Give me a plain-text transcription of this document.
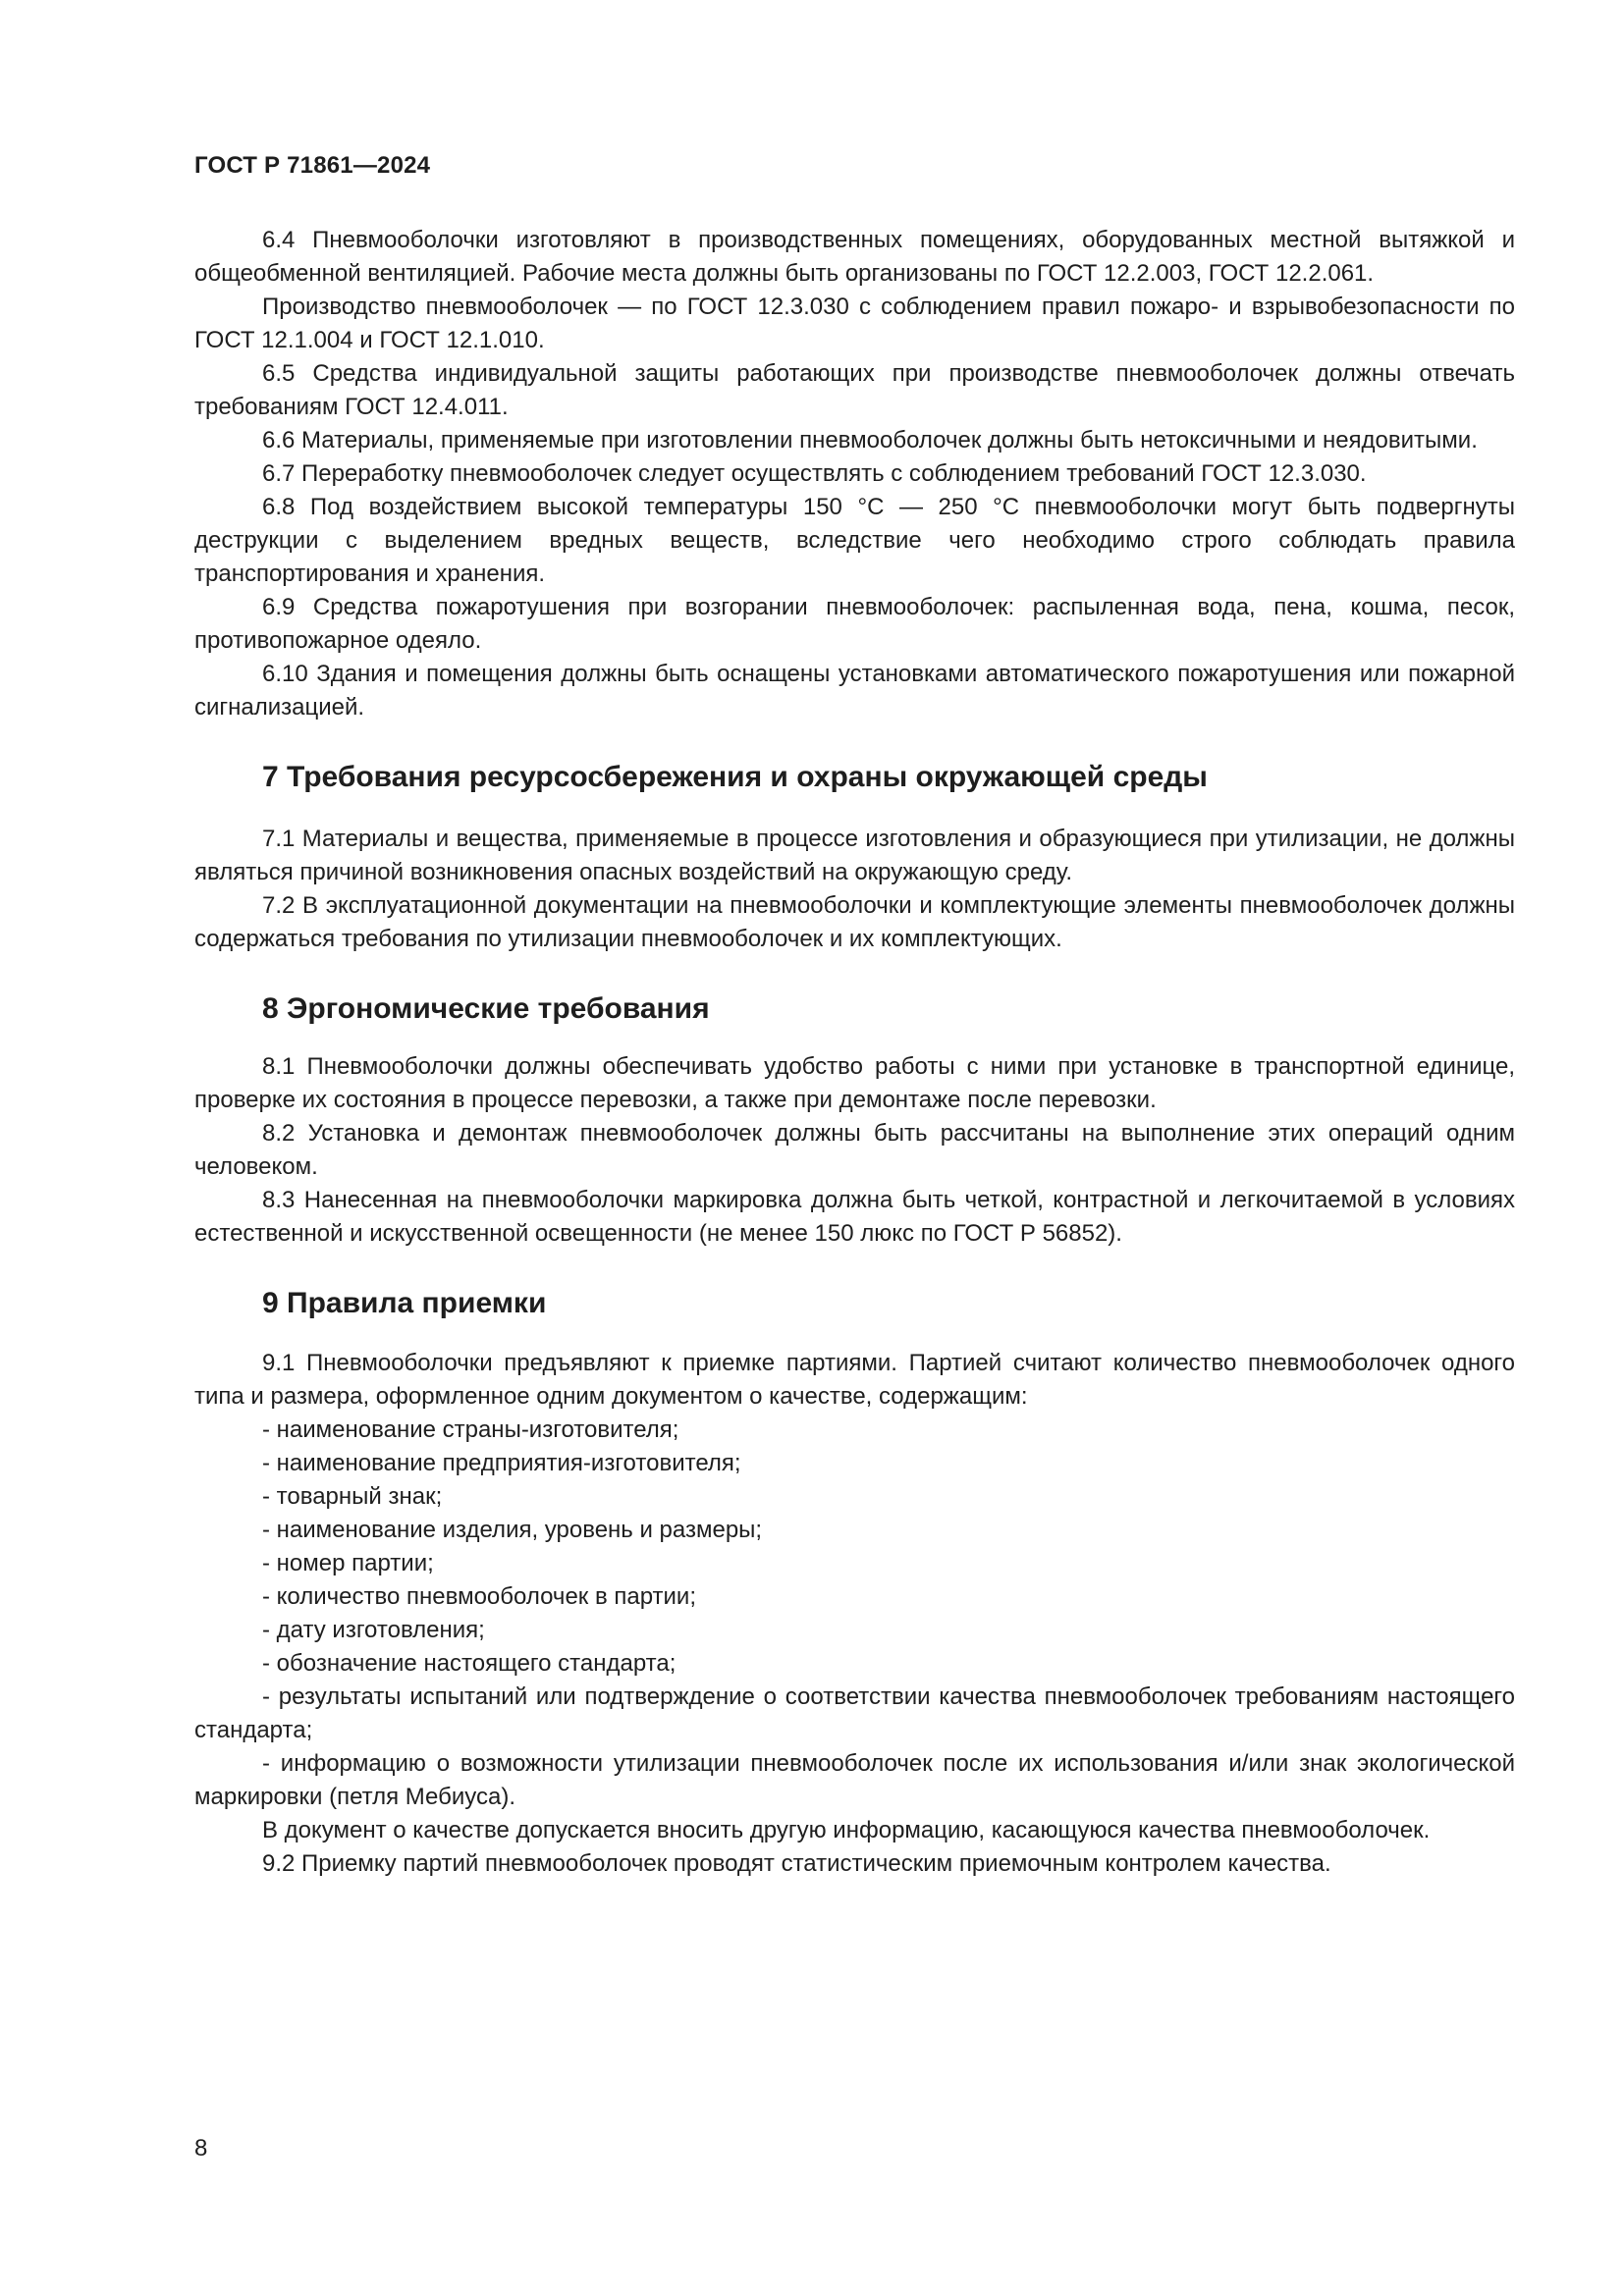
ГОСТ Р 71861—2024

6.4 Пневмооболочки изготовляют в производственных помещениях, оборудованных местной вытяжкой и общеобменной вентиляцией. Рабочие места должны быть организованы по ГОСТ 12.2.003, ГОСТ 12.2.061.

Производство пневмооболочек — по ГОСТ 12.3.030 с соблюдением правил пожаро- и взрывобезопасности по ГОСТ 12.1.004 и ГОСТ 12.1.010.

6.5 Средства индивидуальной защиты работающих при производстве пневмооболочек должны отвечать требованиям ГОСТ 12.4.011.

6.6 Материалы, применяемые при изготовлении пневмооболочек должны быть нетоксичными и неядовитыми.

6.7 Переработку пневмооболочек следует осуществлять с соблюдением требований ГОСТ 12.3.030.

6.8 Под воздействием высокой температуры 150 °С — 250 °С пневмооболочки могут быть подвергнуты деструкции с выделением вредных веществ, вследствие чего необходимо строго соблюдать правила транспортирования и хранения.

6.9 Средства пожаротушения при возгорании пневмооболочек: распыленная вода, пена, кошма, песок, противопожарное одеяло.

6.10 Здания и помещения должны быть оснащены установками автоматического пожаротушения или пожарной сигнализацией.

7 Требования ресурсосбережения и охраны окружающей среды

7.1 Материалы и вещества, применяемые в процессе изготовления и образующиеся при утилизации, не должны являться причиной возникновения опасных воздействий на окружающую среду.

7.2 В эксплуатационной документации на пневмооболочки и комплектующие элементы пневмооболочек должны содержаться требования по утилизации пневмооболочек и их комплектующих.

8 Эргономические требования

8.1 Пневмооболочки должны обеспечивать удобство работы с ними при установке в транспортной единице, проверке их состояния в процессе перевозки, а также при демонтаже после перевозки.

8.2 Установка и демонтаж пневмооболочек должны быть рассчитаны на выполнение этих операций одним человеком.

8.3 Нанесенная на пневмооболочки маркировка должна быть четкой, контрастной и легкочитаемой в условиях естественной и искусственной освещенности (не менее 150 люкс по ГОСТ Р 56852).

9 Правила приемки

9.1 Пневмооболочки предъявляют к приемке партиями. Партией считают количество пневмооболочек одного типа и размера, оформленное одним документом о качестве, содержащим:

- наименование страны-изготовителя;

- наименование предприятия-изготовителя;

- товарный знак;

- наименование изделия, уровень и размеры;

- номер партии;

- количество пневмооболочек в партии;

- дату изготовления;

- обозначение настоящего стандарта;

- результаты испытаний или подтверждение о соответствии качества пневмооболочек требованиям настоящего стандарта;

- информацию о возможности утилизации пневмооболочек после их использования и/или знак экологической маркировки (петля Мебиуса).

В документ о качестве допускается вносить другую информацию, касающуюся качества пневмооболочек.

9.2 Приемку партий пневмооболочек проводят статистическим приемочным контролем качества.

8
